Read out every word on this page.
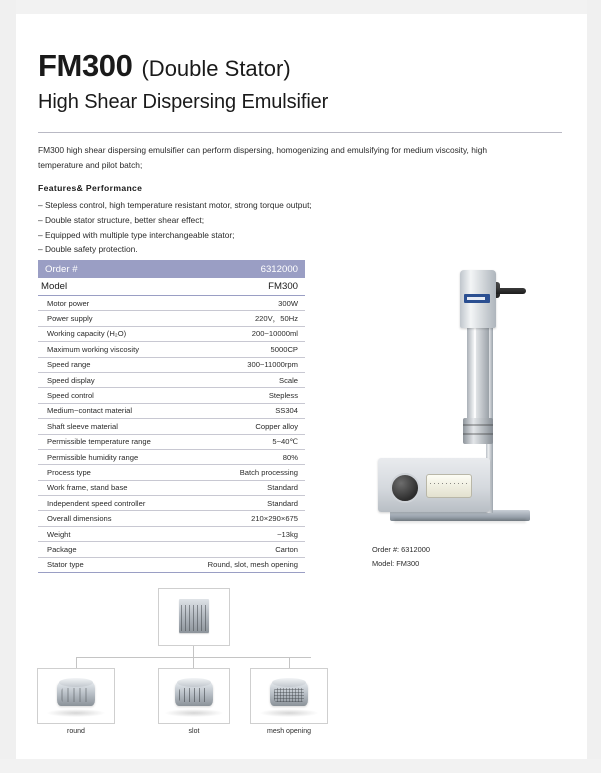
FM300 (Double Stator)
High Shear Dispersing Emulsifier
FM300 high shear dispersing emulsifier can perform dispersing, homogenizing and emulsifying for medium viscosity, high temperature and pilot batch;
Features& Performance
– Stepless control, high temperature resistant motor, strong torque output;
– Double stator structure, better shear effect;
– Equipped with multiple type interchangeable stator;
– Double safety protection.
Order #	6312000
Model	FM300
Motor power	300W
Power supply	220V，50Hz
Working capacity (H₂O)	200~10000ml
Maximum working viscosity	5000CP
Speed range	300~11000rpm
Speed display	Scale
Speed control	Stepless
Medium~contact material	SS304
Shaft sleeve material	Copper alloy
Permissible temperature range	5~40℃
Permissible humidity range	80%
Process type	Batch processing
Work frame, stand base	Standard
Independent speed controller	Standard
Overall dimensions	210×290×675
Weight	~13kg
Package	Carton
Stator type	Round, slot, mesh opening
Order #: 6312000
Model: FM300
round	slot	mesh opening
